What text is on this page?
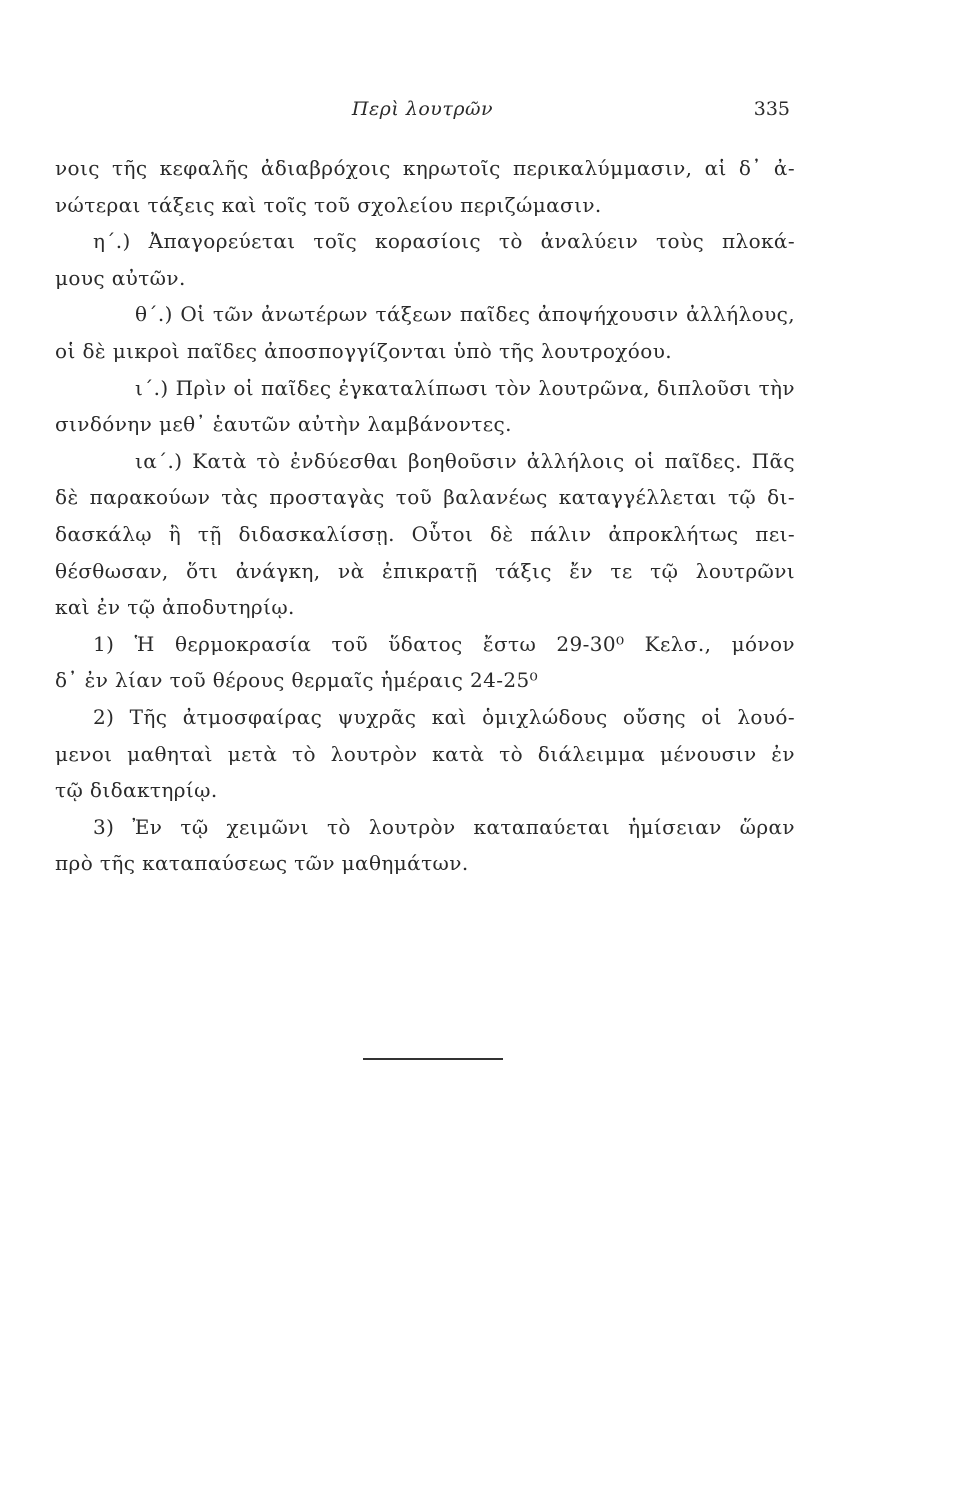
Περὶ λουτρῶν	335
νοις τῆς κεφαλῆς ἀδιαβρόχοις κηρωτοῖς περικαλύμμασιν, αἱ δ᾽ ἀ-
νώτεραι τάξεις καὶ τοῖς τοῦ σχολείου περιζώμασιν.
η΄.) Ἀπαγορεύεται τοῖς κορασίοις τὸ ἀναλύειν τοὺς πλοκά-
μους αὐτῶν.
θ΄.) Οἱ τῶν ἀνωτέρων τάξεων παῖδες ἀποψήχουσιν ἀλλήλους,
οἱ δὲ μικροὶ παῖδες ἀποσπογγίζονται ὑπὸ τῆς λουτροχόου.
ι΄.) Πρὶν οἱ παῖδες ἐγκαταλίπωσι τὸν λουτρῶνα, διπλοῦσι τὴν
σινδόνην μεθ᾽ ἑαυτῶν αὐτὴν λαμβάνοντες.
ια΄.) Κατὰ τὸ ἐνδύεσθαι βοηθοῦσιν ἀλλήλοις οἱ παῖδες. Πᾶς
δὲ παρακούων τὰς προσταγὰς τοῦ βαλανέως καταγγέλλεται τῷ δι-
δασκάλῳ ἢ τῇ διδασκαλίσσῃ. Οὗτοι δὲ πάλιν ἀπροκλήτως πει-
θέσθωσαν, ὅτι ἀνάγκη, νὰ ἐπικρατῇ τάξις ἔν τε τῷ λουτρῶνι
καὶ ἐν τῷ ἀποδυτηρίῳ.
1) Ἡ θερμοκρασία τοῦ ὕδατος ἔστω 29-30⁰ Κελσ., μόνον
δ᾽ ἐν λίαν τοῦ θέρους θερμαῖς ἡμέραις 24-25⁰
2) Τῆς ἀτμοσφαίρας ψυχρᾶς καὶ ὁμιχλώδους οὔσης οἱ λουό-
μενοι μαθηταὶ μετὰ τὸ λουτρὸν κατὰ τὸ διάλειμμα μένουσιν ἐν
τῷ διδακτηρίῳ.
3) Ἐν τῷ χειμῶνι τὸ λουτρὸν καταπαύεται ἡμίσειαν ὥραν
πρὸ τῆς καταπαύσεως τῶν μαθημάτων.
